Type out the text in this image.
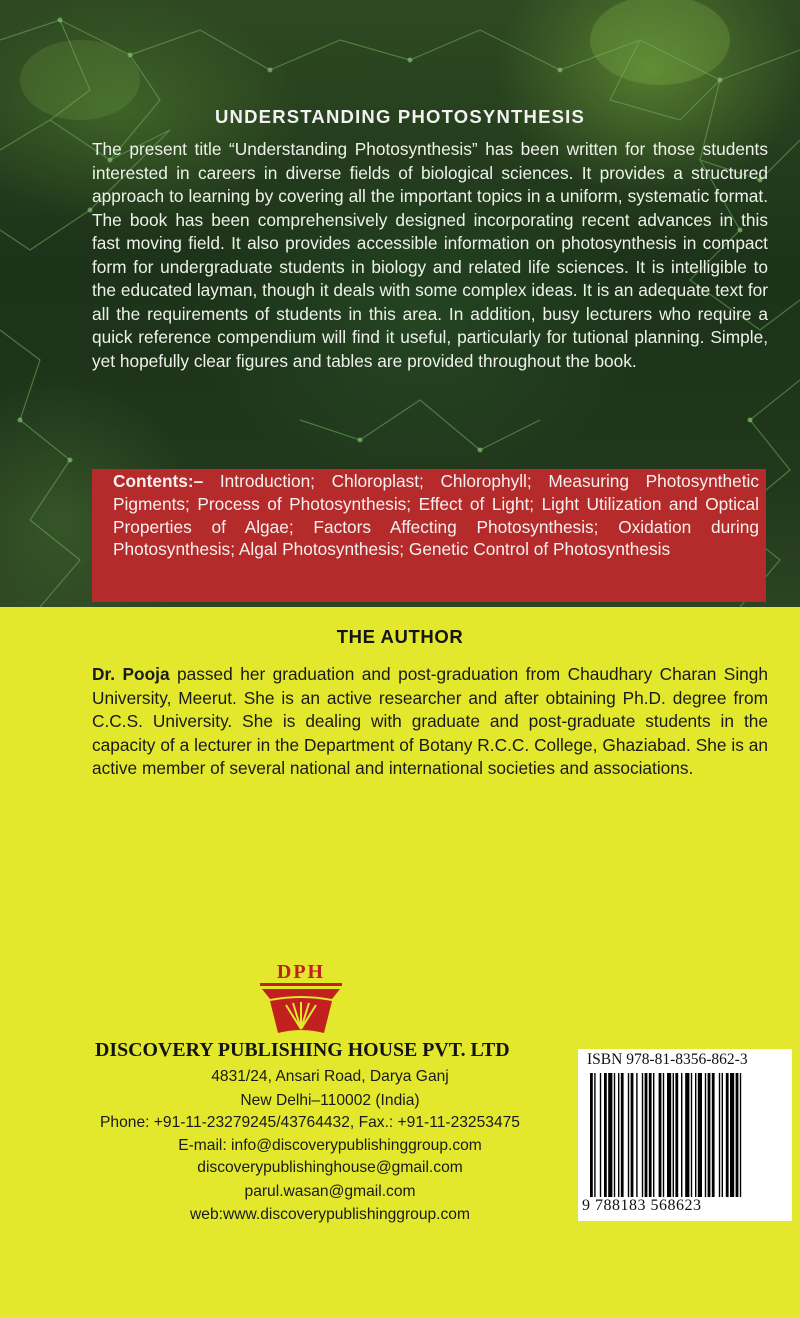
UNDERSTANDING PHOTOSYNTHESIS

The present title “Understanding Photosynthesis” has been written for those students interested in careers in diverse fields of biological sciences. It provides a structured approach to learning by covering all the important topics in a uniform, systematic format. The book has been comprehensively designed incorporating recent advances in this fast moving field. It also provides accessible information on photosynthesis in compact form for undergraduate students in biology and related life sciences. It is intelligible to the educated layman, though it deals with some complex ideas. It is an adequate text for all the requirements of students in this area. In addition, busy lecturers who require a quick reference compendium will find it useful, particularly for tutional planning. Simple, yet hopefully clear figures and tables are provided throughout the book.

Contents:– Introduction; Chloroplast; Chlorophyll; Measuring Photosynthetic Pigments; Process of Photosynthesis; Effect of Light; Light Utilization and Optical Properties of Algae; Factors Affecting Photosynthesis; Oxidation during Photosynthesis; Algal Photosynthesis; Genetic Control of Photosynthesis

THE AUTHOR

Dr. Pooja passed her graduation and post-graduation from Chaudhary Charan Singh University, Meerut. She is an active researcher and after obtaining Ph.D. degree from C.C.S. University. She is dealing with graduate and post-graduate students in the capacity of a lecturer in the Department of Botany R.C.C. College, Ghaziabad. She is an active member of several national and international societies and associations.

DPH
DISCOVERY PUBLISHING HOUSE PVT. LTD
4831/24, Ansari Road, Darya Ganj
New Delhi–110002 (India)
Phone: +91-11-23279245/43764432, Fax.: +91-11-23253475
E-mail: info@discoverypublishinggroup.com
discoverypublishinghouse@gmail.com
parul.wasan@gmail.com
web:www.discoverypublishinggroup.com
ISBN 978-81-8356-862-3
9 788183 568623
